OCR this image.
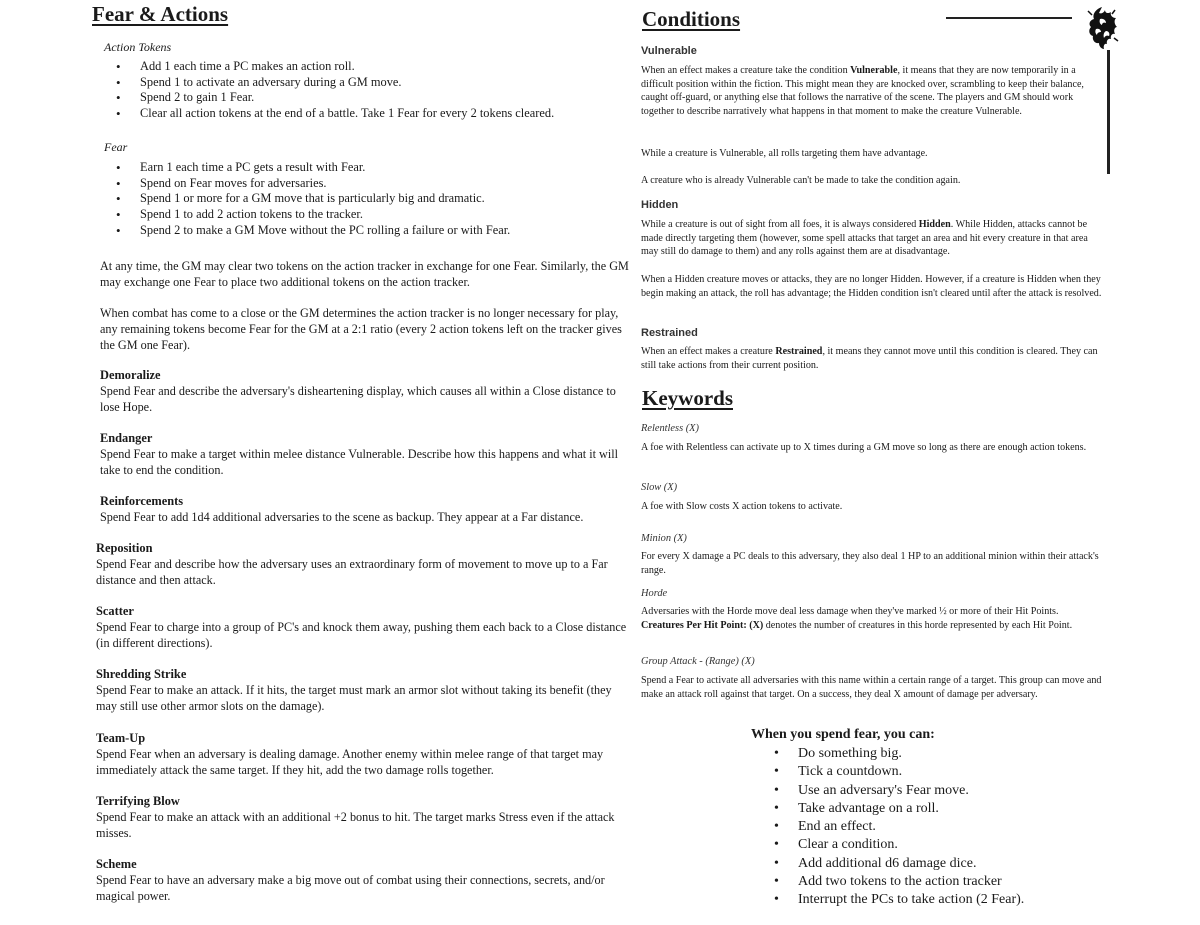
Fear & Actions
Action Tokens
• Add 1 each time a PC makes an action roll.
• Spend 1 to activate an adversary during a GM move.
• Spend 2 to gain 1 Fear.
• Clear all action tokens at the end of a battle. Take 1 Fear for every 2 tokens cleared.
Fear
• Earn 1 each time a PC gets a result with Fear.
• Spend on Fear moves for adversaries.
• Spend 1 or more for a GM move that is particularly big and dramatic.
• Spend 1 to add 2 action tokens to the tracker.
• Spend 2 to make a GM Move without the PC rolling a failure or with Fear.

At any time, the GM may clear two tokens on the action tracker in exchange for one Fear. Similarly, the GM may exchange one Fear to place two additional tokens on the action tracker.

When combat has come to a close or the GM determines the action tracker is no longer necessary for play, any remaining tokens become Fear for the GM at a 2:1 ratio (every 2 action tokens left on the tracker gives the GM one Fear).

Demoralize

Spend Fear and describe the adversary's disheartening display, which causes all within a Close distance to lose Hope.

Endanger

Spend Fear to make a target within melee distance Vulnerable. Describe how this happens and what it will take to end the condition.

Reinforcements

Spend Fear to add 1d4 additional adversaries to the scene as backup. They appear at a Far distance.

Reposition

Spend Fear and describe how the adversary uses an extraordinary form of movement to move up to a Far distance and then attack.

Scatter

Spend Fear to charge into a group of PC's and knock them away, pushing them each back to a Close distance (in different directions).

Shredding Strike

Spend Fear to make an attack. If it hits, the target must mark an armor slot without taking its benefit (they may still use other armor slots on the damage).

Team-Up

Spend Fear when an adversary is dealing damage. Another enemy within melee range of that target may immediately attack the same target. If they hit, add the two damage rolls together.

Terrifying Blow

Spend Fear to make an attack with an additional +2 bonus to hit. The target marks Stress even if the attack misses.

Scheme

Spend Fear to have an adversary make a big move out of combat using their connections, secrets, and/or magical power.

Conditions
Vulnerable

When an effect makes a creature take the condition Vulnerable, it means that they are now temporarily in a difficult position within the fiction. This might mean they are knocked over, scrambling to keep their balance, caught off-guard, or anything else that follows the narrative of the scene. The players and GM should work together to describe narratively what happens in that moment to make the creature Vulnerable.

While a creature is Vulnerable, all rolls targeting them have advantage.

A creature who is already Vulnerable can't be made to take the condition again.

Hidden

While a creature is out of sight from all foes, it is always considered Hidden. While Hidden, attacks cannot be made directly targeting them (however, some spell attacks that target an area and hit every creature in that area may still do damage to them) and any rolls against them are at disadvantage.

When a Hidden creature moves or attacks, they are no longer Hidden. However, if a creature is Hidden when they begin making an attack, the roll has advantage; the Hidden condition isn't cleared until after the attack is resolved.

Restrained

When an effect makes a creature Restrained, it means they cannot move until this condition is cleared. They can still take actions from their current position.

Keywords
Relentless (X)

A foe with Relentless can activate up to X times during a GM move so long as there are enough action tokens.

Slow (X)

A foe with Slow costs X action tokens to activate.

Minion (X)

For every X damage a PC deals to this adversary, they also deal 1 HP to an additional minion within their attack's range.

Horde

Adversaries with the Horde move deal less damage when they've marked ½ or more of their Hit Points. Creatures Per Hit Point: (X) denotes the number of creatures in this horde represented by each Hit Point.

Group Attack - (Range) (X)

Spend a Fear to activate all adversaries with this name within a certain range of a target. This group can move and make an attack roll against that target. On a success, they deal X amount of damage per adversary.

When you spend fear, you can:
• Do something big.
• Tick a countdown.
• Use an adversary's Fear move.
• Take advantage on a roll.
• End an effect.
• Clear a condition.
• Add additional d6 damage dice.
• Add two tokens to the action tracker
• Interrupt the PCs to take action (2 Fear).
